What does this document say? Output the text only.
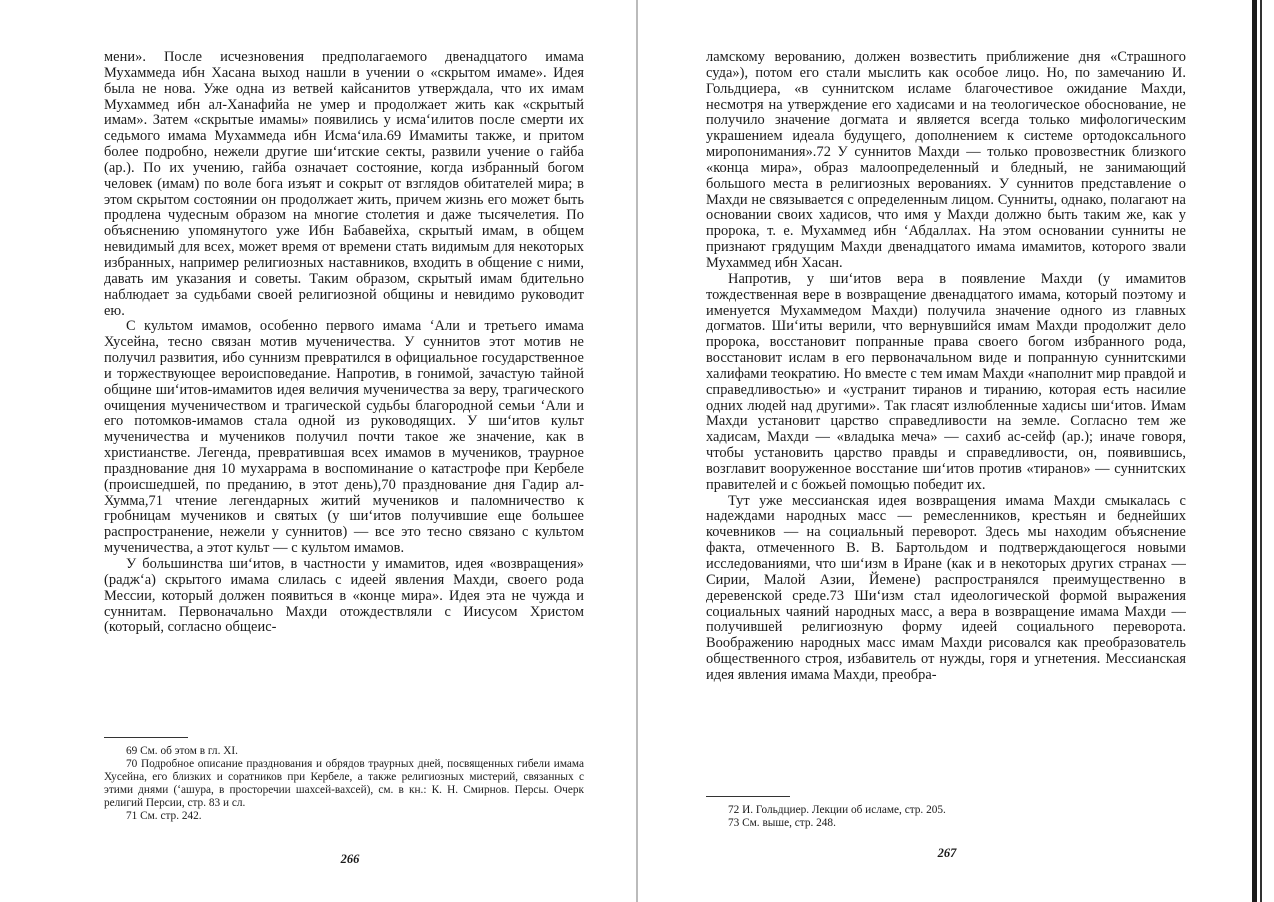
мени». После исчезновения предполагаемого двенадцатого имама Мухаммеда ибн Хасана выход нашли в учении о «скрытом имаме». Идея была не нова. Уже одна из ветвей кайсанитов утверждала, что их имам Мухаммед ибн ал-Ханафийа не умер и продолжает жить как «скрытый имам». Затем «скрытые имамы» появились у исма‘илитов после смерти их седьмого имама Мухаммеда ибн Исма‘ила.69 Имамиты также, и притом более подробно, нежели другие ши‘итские секты, развили учение о гайба (ар.). По их учению, гайба означает состояние, когда избранный богом человек (имам) по воле бога изъят и сокрыт от взглядов обитателей мира; в этом скрытом состоянии он продолжает жить, причем жизнь его может быть продлена чудесным образом на многие столетия и даже тысячелетия. По объяснению упомянутого уже Ибн Бабавейха, скрытый имам, в общем невидимый для всех, может время от времени стать видимым для некоторых избранных, например религиозных наставников, входить в общение с ними, давать им указания и советы. Таким образом, скрытый имам бдительно наблюдает за судьбами своей религиозной общины и невидимо руководит ею.

С культом имамов, особенно первого имама ‘Али и третьего имама Хусейна, тесно связан мотив мученичества. У суннитов этот мотив не получил развития, ибо суннизм превратился в официальное государственное и торжествующее вероисповедание. Напротив, в гонимой, зачастую тайной общине ши‘итов-имамитов идея величия мученичества за веру, трагического очищения мученичеством и трагической судьбы благородной семьи ‘Али и его потомков-имамов стала одной из руководящих. У ши‘итов культ мученичества и мучеников получил почти такое же значение, как в христианстве. Легенда, превратившая всех имамов в мучеников, траурное празднование дня 10 мухаррама в воспоминание о катастрофе при Кербеле (происшедшей, по преданию, в этот день),70 празднование дня Гадир ал-Хумма,71 чтение легендарных житий мучеников и паломничество к гробницам мучеников и святых (у ши‘итов получившие еще большее распространение, нежели у суннитов) — все это тесно связано с культом мученичества, а этот культ — с культом имамов.

У большинства ши‘итов, в частности у имамитов, идея «возвращения» (радж‘а) скрытого имама слилась с идеей явления Махди, своего рода Мессии, который должен появиться в «конце мира». Идея эта не чужда и суннитам. Первоначально Махди отождествляли с Иисусом Христом (который, согласно общеис-

69 См. об этом в гл. XI.

70 Подробное описание празднования и обрядов траурных дней, посвященных гибели имама Хусейна, его близких и соратников при Кербеле, а также религиозных мистерий, связанных с этими днями (‘ашура, в просторечии шахсей-вахсей), см. в кн.: К. Н. Смирнов. Персы. Очерк религий Персии, стр. 83 и сл.

71 См. стр. 242.

266

ламскому верованию, должен возвестить приближение дня «Страшного суда»), потом его стали мыслить как особое лицо. Но, по замечанию И. Гольдциера, «в суннитском исламе благочестивое ожидание Махди, несмотря на утверждение его хадисами и на теологическое обоснование, не получило значение догмата и является всегда только мифологическим украшением идеала будущего, дополнением к системе ортодоксального миропонимания».72 У суннитов Махди — только провозвестник близкого «конца мира», образ малоопределенный и бледный, не занимающий большого места в религиозных верованиях. У суннитов представление о Махди не связывается с определенным лицом. Сунниты, однако, полагают на основании своих хадисов, что имя у Махди должно быть таким же, как у пророка, т. е. Мухаммед ибн ‘Абдаллах. На этом основании сунниты не признают грядущим Махди двенадцатого имама имамитов, которого звали Мухаммед ибн Хасан.

Напротив, у ши‘итов вера в появление Махди (у имамитов тождественная вере в возвращение двенадцатого имама, который поэтому и именуется Мухаммедом Махди) получила значение одного из главных догматов. Ши‘иты верили, что вернувшийся имам Махди продолжит дело пророка, восстановит попранные права своего богом избранного рода, восстановит ислам в его первоначальном виде и попранную суннитскими халифами теократию. Но вместе с тем имам Махди «наполнит мир правдой и справедливостью» и «устранит тиранов и тиранию, которая есть насилие одних людей над другими». Так гласят излюбленные хадисы ши‘итов. Имам Махди установит царство справедливости на земле. Согласно тем же хадисам, Махди — «владыка меча» — сахиб ас-сейф (ар.); иначе говоря, чтобы установить царство правды и справедливости, он, появившись, возглавит вооруженное восстание ши‘итов против «тиранов» — суннитских правителей и с божьей помощью победит их.

Тут уже мессианская идея возвращения имама Махди смыкалась с надеждами народных масс — ремесленников, крестьян и беднейших кочевников — на социальный переворот. Здесь мы находим объяснение факта, отмеченного В. В. Бартольдом и подтверждающегося новыми исследованиями, что ши‘изм в Иране (как и в некоторых других странах — Сирии, Малой Азии, Йемене) распространялся преимущественно в деревенской среде.73 Ши‘изм стал идеологической формой выражения социальных чаяний народных масс, а вера в возвращение имама Махди — получившей религиозную форму идеей социального переворота. Воображению народных масс имам Махди рисовался как преобразователь общественного строя, избавитель от нужды, горя и угнетения. Мессианская идея явления имама Махди, преобра-

72 И. Гольдциер. Лекции об исламе, стр. 205.

73 См. выше, стр. 248.

267
